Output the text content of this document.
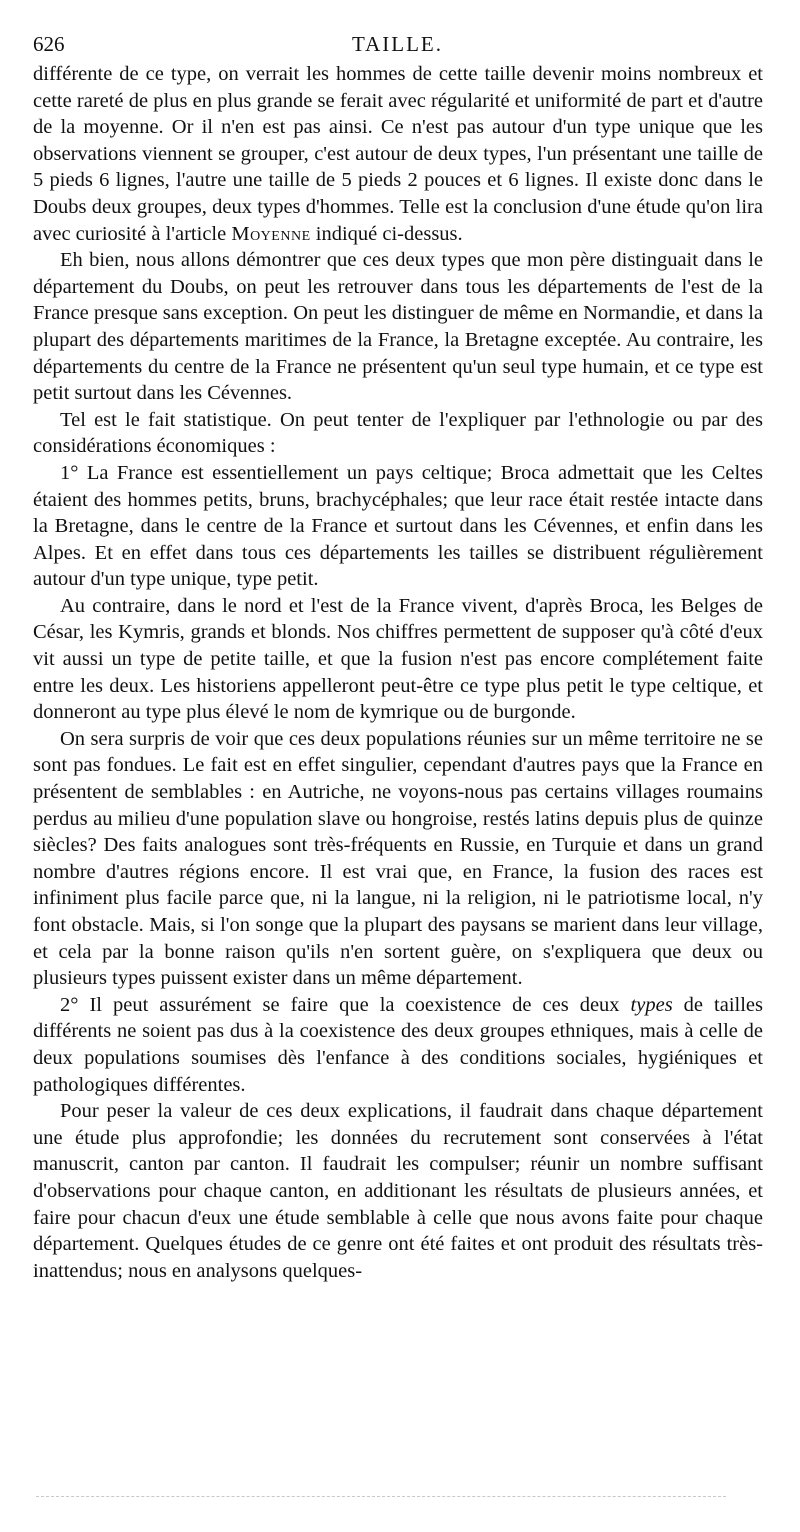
626	TAILLE.

différente de ce type, on verrait les hommes de cette taille devenir moins nombreux et cette rareté de plus en plus grande se ferait avec régularité et uniformité de part et d'autre de la moyenne. Or il n'en est pas ainsi. Ce n'est pas autour d'un type unique que les observations viennent se grouper, c'est autour de deux types, l'un présentant une taille de 5 pieds 6 lignes, l'autre une taille de 5 pieds 2 pouces et 6 lignes. Il existe donc dans le Doubs deux groupes, deux types d'hommes. Telle est la conclusion d'une étude qu'on lira avec curiosité à l'article Moyenne indiqué ci-dessus.

Eh bien, nous allons démontrer que ces deux types que mon père distinguait dans le département du Doubs, on peut les retrouver dans tous les départements de l'est de la France presque sans exception. On peut les distinguer de même en Normandie, et dans la plupart des départements maritimes de la France, la Bretagne exceptée. Au contraire, les départements du centre de la France ne présentent qu'un seul type humain, et ce type est petit surtout dans les Cévennes.

Tel est le fait statistique. On peut tenter de l'expliquer par l'ethnologie ou par des considérations économiques :

1° La France est essentiellement un pays celtique; Broca admettait que les Celtes étaient des hommes petits, bruns, brachycéphales; que leur race était restée intacte dans la Bretagne, dans le centre de la France et surtout dans les Cévennes, et enfin dans les Alpes. Et en effet dans tous ces départements les tailles se distribuent régulièrement autour d'un type unique, type petit.

Au contraire, dans le nord et l'est de la France vivent, d'après Broca, les Belges de César, les Kymris, grands et blonds. Nos chiffres permettent de supposer qu'à côté d'eux vit aussi un type de petite taille, et que la fusion n'est pas encore complétement faite entre les deux. Les historiens appelleront peut-être ce type plus petit le type celtique, et donneront au type plus élevé le nom de kymrique ou de burgonde.

On sera surpris de voir que ces deux populations réunies sur un même territoire ne se sont pas fondues. Le fait est en effet singulier, cependant d'autres pays que la France en présentent de semblables : en Autriche, ne voyons-nous pas certains villages roumains perdus au milieu d'une population slave ou hongroise, restés latins depuis plus de quinze siècles? Des faits analogues sont très-fréquents en Russie, en Turquie et dans un grand nombre d'autres régions encore. Il est vrai que, en France, la fusion des races est infiniment plus facile parce que, ni la langue, ni la religion, ni le patriotisme local, n'y font obstacle. Mais, si l'on songe que la plupart des paysans se marient dans leur village, et cela par la bonne raison qu'ils n'en sortent guère, on s'expliquera que deux ou plusieurs types puissent exister dans un même département.

2° Il peut assurément se faire que la coexistence de ces deux types de tailles différents ne soient pas dus à la coexistence des deux groupes ethniques, mais à celle de deux populations soumises dès l'enfance à des conditions sociales, hygiéniques et pathologiques différentes.

Pour peser la valeur de ces deux explications, il faudrait dans chaque département une étude plus approfondie; les données du recrutement sont conservées à l'état manuscrit, canton par canton. Il faudrait les compulser; réunir un nombre suffisant d'observations pour chaque canton, en additionant les résultats de plusieurs années, et faire pour chacun d'eux une étude semblable à celle que nous avons faite pour chaque département. Quelques études de ce genre ont été faites et ont produit des résultats très-inattendus; nous en analysons quelques-
